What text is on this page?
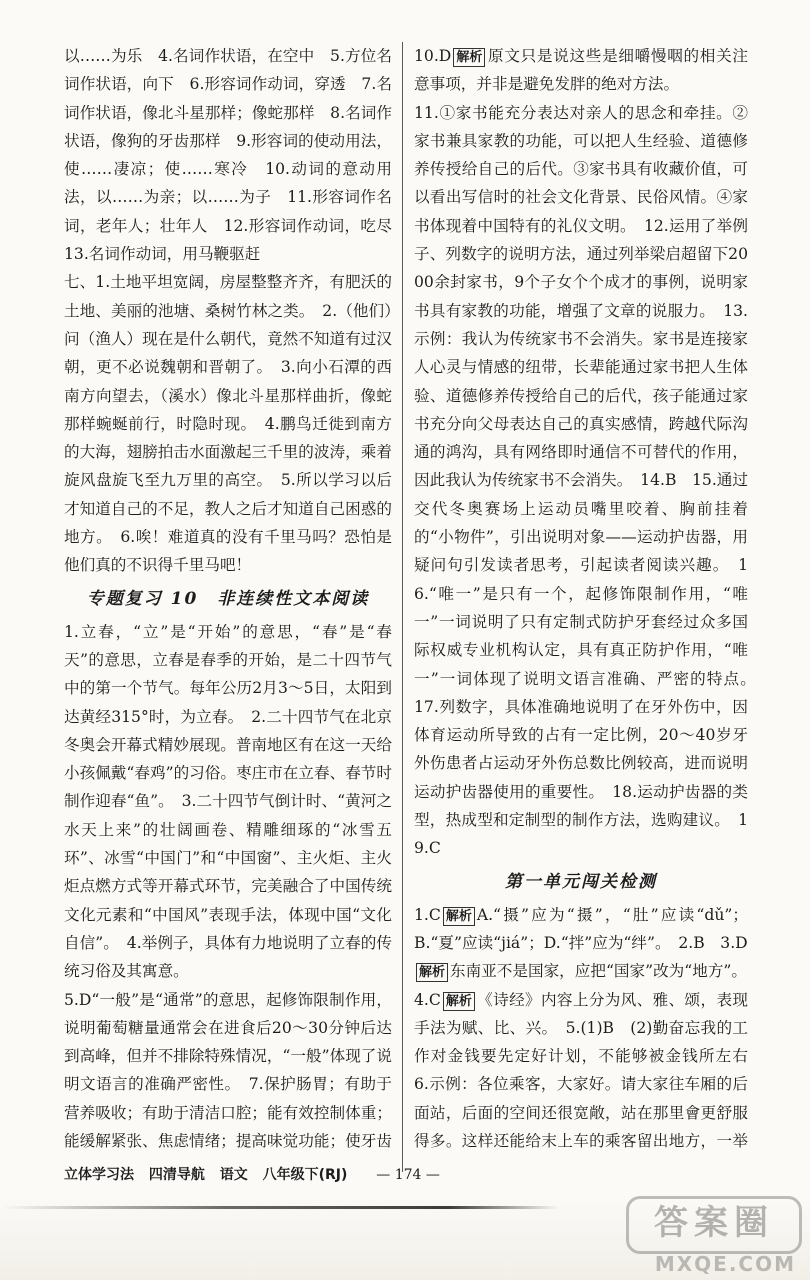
以……为乐　4.名词作状语，在空中　5.方位名词作状语，向下　6.形容词作动词，穿透　7.名词作状语，像北斗星那样；像蛇那样　8.名词作状语，像狗的牙齿那样　9.形容词的使动用法，使……凄凉；使……寒冷　10.动词的意动用法，以……为亲；以……为子　11.形容词作名词，老年人；壮年人　12.形容词作动词，吃尽　13.名词作动词，用马鞭驱赶

七、1.土地平坦宽阔，房屋整整齐齐，有肥沃的土地、美丽的池塘、桑树竹林之类。　2.（他们）问（渔人）现在是什么朝代，竟然不知道有过汉朝，更不必说魏朝和晋朝了。　3.向小石潭的西南方向望去，（溪水）像北斗星那样曲折，像蛇那样蜿蜒前行，时隐时现。　4.鹏鸟迁徙到南方的大海，翅膀拍击水面激起三千里的波涛，乘着旋风盘旋飞至九万里的高空。　5.所以学习以后才知道自己的不足，教人之后才知道自己困惑的地方。　6.唉！难道真的没有千里马吗？恐怕是他们真的不识得千里马吧！

专题复习 10　非连续性文本阅读

1.立春，“立”是“开始”的意思，“春”是“春天”的意思，立春是春季的开始，是二十四节气中的第一个节气。每年公历2月3～5日，太阳到达黄经315°时，为立春。　2.二十四节气在北京冬奥会开幕式精妙展现。普南地区有在这一天给小孩佩戴“春鸡”的习俗。枣庄市在立春、春节时制作迎春“鱼”。　3.二十四节气倒计时、“黄河之水天上来”的壮阔画卷、精雕细琢的“冰雪五环”、冰雪“中国门”和“中国窗”、主火炬、主火炬点燃方式等开幕式环节，完美融合了中国传统文化元素和“中国风”表现手法，体现中国“文化自信”。　4.举例子，具体有力地说明了立春的传统习俗及其寓意。

5.D“一般”是“通常”的意思，起修饰限制作用，说明葡萄糖量通常会在进食后20～30分钟后达到高峰，但并不排除特殊情况，“一般”体现了说明文语言的准确严密性。　7.保护肠胃；有助于营养吸收；有助于清洁口腔；能有效控制体重；能缓解紧张、焦虑情绪；提高味觉功能；使牙齿　　

10.D 解析 原文只是说这些是细嚼慢咽的相关注意事项，并非是避免发胖的绝对方法。

11.①家书能充分表达对亲人的思念和牵挂。②家书兼具家教的功能，可以把人生经验、道德修养传授给自己的后代。③家书具有收藏价值，可以看出写信时的社会文化背景、民俗风情。④家书体现着中国特有的礼仪文明。　12.运用了举例子、列数字的说明方法，通过列举梁启超留下2000余封家书，9个子女个个成才的事例，说明家书具有家教的功能，增强了文章的说服力。　13.示例：我认为传统家书不会消失。家书是连接家人心灵与情感的纽带，长辈能通过家书把人生体验、道德修养传授给自己的后代，孩子能通过家书充分向父母表达自己的真实感情，跨越代际沟通的鸿沟，具有网络即时通信不可替代的作用，因此我认为传统家书不会消失。　14.B　15.通过交代冬奥赛场上运动员嘴里咬着、胸前挂着的“小物件”，引出说明对象——运动护齿器，用疑问句引发读者思考，引起读者阅读兴趣。　16.“唯一”是只有一个，起修饰限制作用，“唯一”一词说明了只有定制式防护牙套经过众多国际权威专业机构认定，具有真正防护作用，“唯一”一词体现了说明文语言准确、严密的特点。　17.列数字，具体准确地说明了在牙外伤中，因体育运动所导致的占有一定比例，20～40岁牙外伤患者占运动牙外伤总数比例较高，进而说明运动护齿器使用的重要性。　18.运动护齿器的类型，热成型和定制型的制作方法，选购建议。　19.C

第一单元闯关检测

1.C 解析 A.“摄”应为“摄”，“肚”应读“dǔ”；B.“夏”应读“jiá”；D.“拌”应为“绊”。　2.B　3.D

解析 东南亚不是国家，应把“国家”改为“地方”。

4.C 解析 《诗经》内容上分为风、雅、颂，表现手法为赋、比、兴。　5.(1)B　(2)勤奋忘我的工作对金钱要先定好计划，不能够被金钱所左右　6.示例：各位乘客，大家好。请大家往车厢的后面站，后面的空间还很宽敞，站在那里會更舒服得多。这样还能给末上车的乘客留出地方，一举　　　　　　　

立体学习法 四清导航 语文 八年级下(RJ) — 174 —
答案圈
MXQE.COM
